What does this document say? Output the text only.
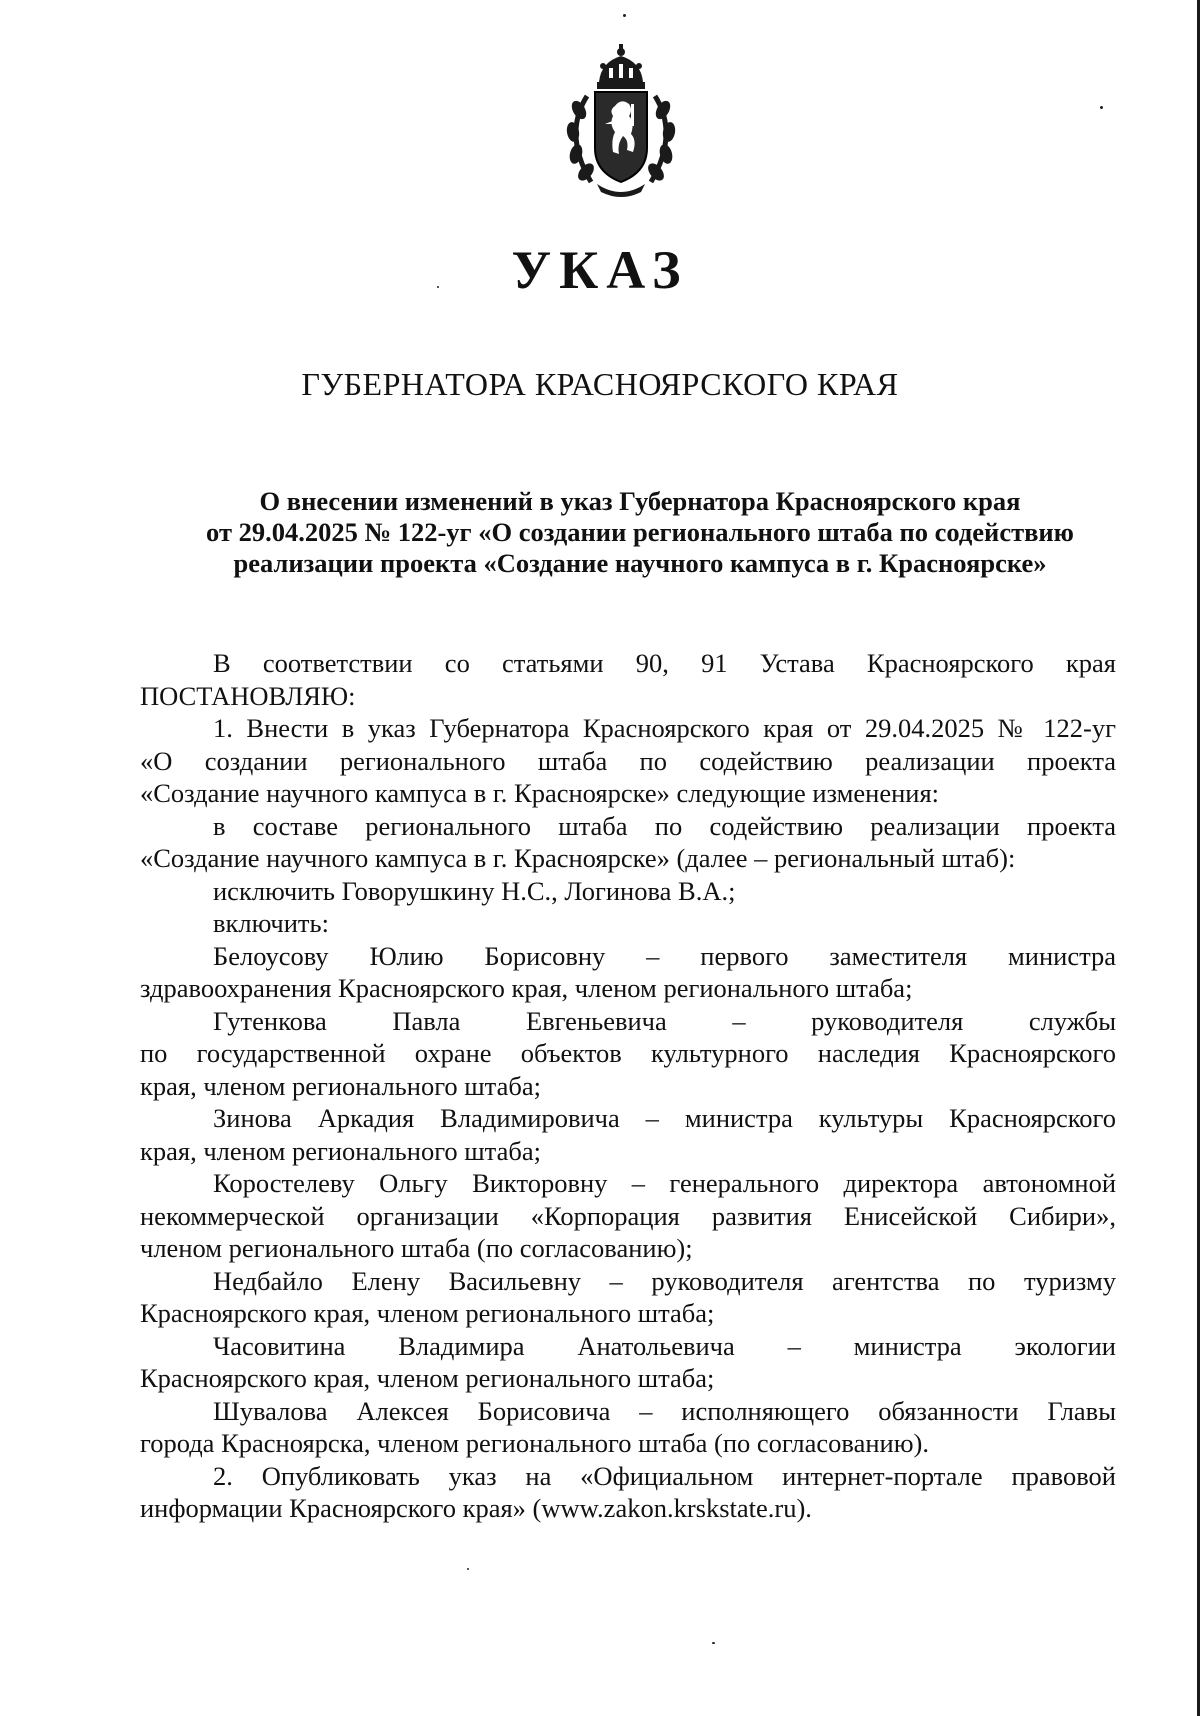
УКАЗ
ГУБЕРНАТОРА КРАСНОЯРСКОГО КРАЯ
О внесении изменений в указ Губернатора Красноярского края
от 29.04.2025 № 122-уг «О создании регионального штаба по содействию
реализации проекта «Создание научного кампуса в г. Красноярске»

В соответствии со статьями 90, 91 Устава Красноярского края

ПОСТАНОВЛЯЮ:

1. Внести в указ Губернатора Красноярского края от 29.04.2025 № 122-уг

«О создании регионального штаба по содействию реализации проекта

«Создание научного кампуса в г. Красноярске» следующие изменения:

в составе регионального штаба по содействию реализации проекта

«Создание научного кампуса в г. Красноярске» (далее – региональный штаб):

исключить Говорушкину Н.С., Логинова В.А.;

включить:

Белоусову Юлию Борисовну – первого заместителя министра

здравоохранения Красноярского края, членом регионального штаба;

Гутенкова Павла Евгеньевича – руководителя службы

по государственной охране объектов культурного наследия Красноярского

края, членом регионального штаба;

Зинова Аркадия Владимировича – министра культуры Красноярского

края, членом регионального штаба;

Коростелеву Ольгу Викторовну – генерального директора автономной

некоммерческой организации «Корпорация развития Енисейской Сибири»,

членом регионального штаба (по согласованию);

Недбайло Елену Васильевну – руководителя агентства по туризму

Красноярского края, членом регионального штаба;

Часовитина Владимира Анатольевича – министра экологии

Красноярского края, членом регионального штаба;

Шувалова Алексея Борисовича – исполняющего обязанности Главы

города Красноярска, членом регионального штаба (по согласованию).

2. Опубликовать указ на «Официальном интернет-портале правовой

информации Красноярского края» (www.zakon.krskstate.ru).
